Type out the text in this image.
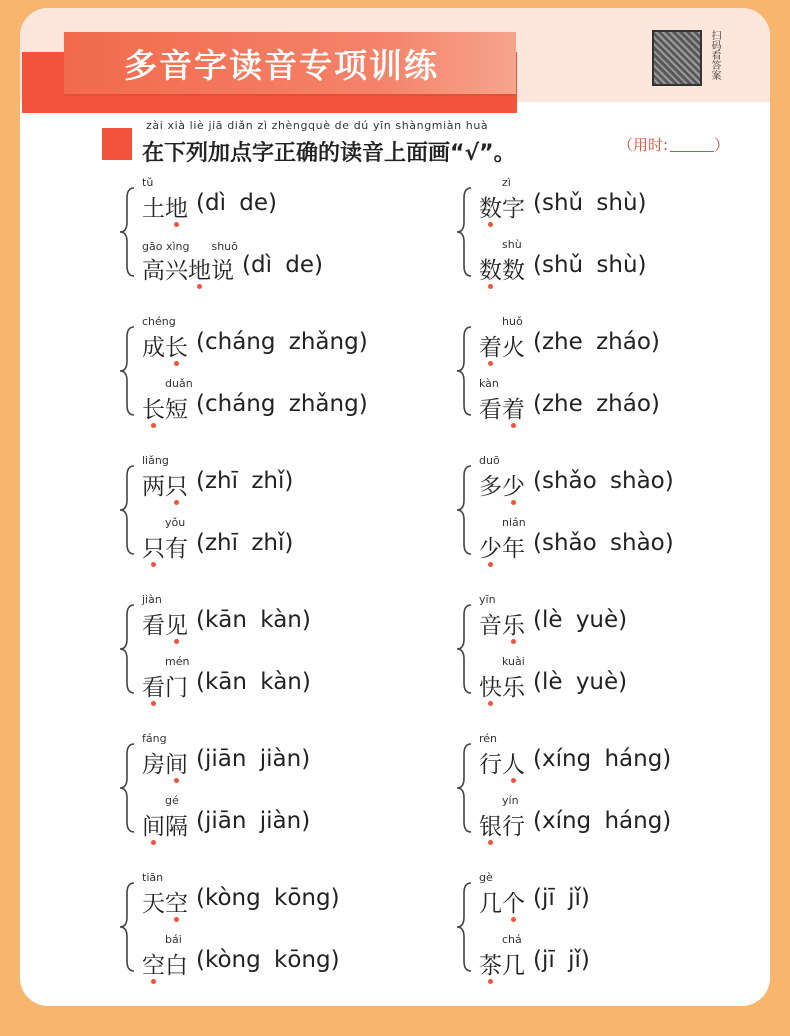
多音字读音专项训练	扫码看答案
zài xià liè jiā diǎn zì zhèngquè de dú yīn shàngmiàn huà
在下列加点字正确的读音上面画“√”。	（用时:	）
tǔ
土地 (dì de)
gāo xìng　　shuō
高兴地说 (dì de)
zì
数字 (shǔ shù)
shù
数数 (shǔ shù)
chéng
成长 (cháng zhǎng)
duǎn
长短 (cháng zhǎng)
huǒ
着火 (zhe zháo)
kàn
看着 (zhe zháo)
liǎng
两只 (zhī zhǐ)
yǒu
只有 (zhī zhǐ)
duō
多少 (shǎo shào)
nián
少年 (shǎo shào)
jiàn
看见 (kān kàn)
mén
看门 (kān kàn)
yīn
音乐 (lè yuè)
kuài
快乐 (lè yuè)
fáng
房间 (jiān jiàn)
gé
间隔 (jiān jiàn)
rén
行人 (xíng háng)
yín
银行 (xíng háng)
tiān
天空 (kòng kōng)
bái
空白 (kòng kōng)
gè
几个 (jī jǐ)
chá
茶几 (jī jǐ)
